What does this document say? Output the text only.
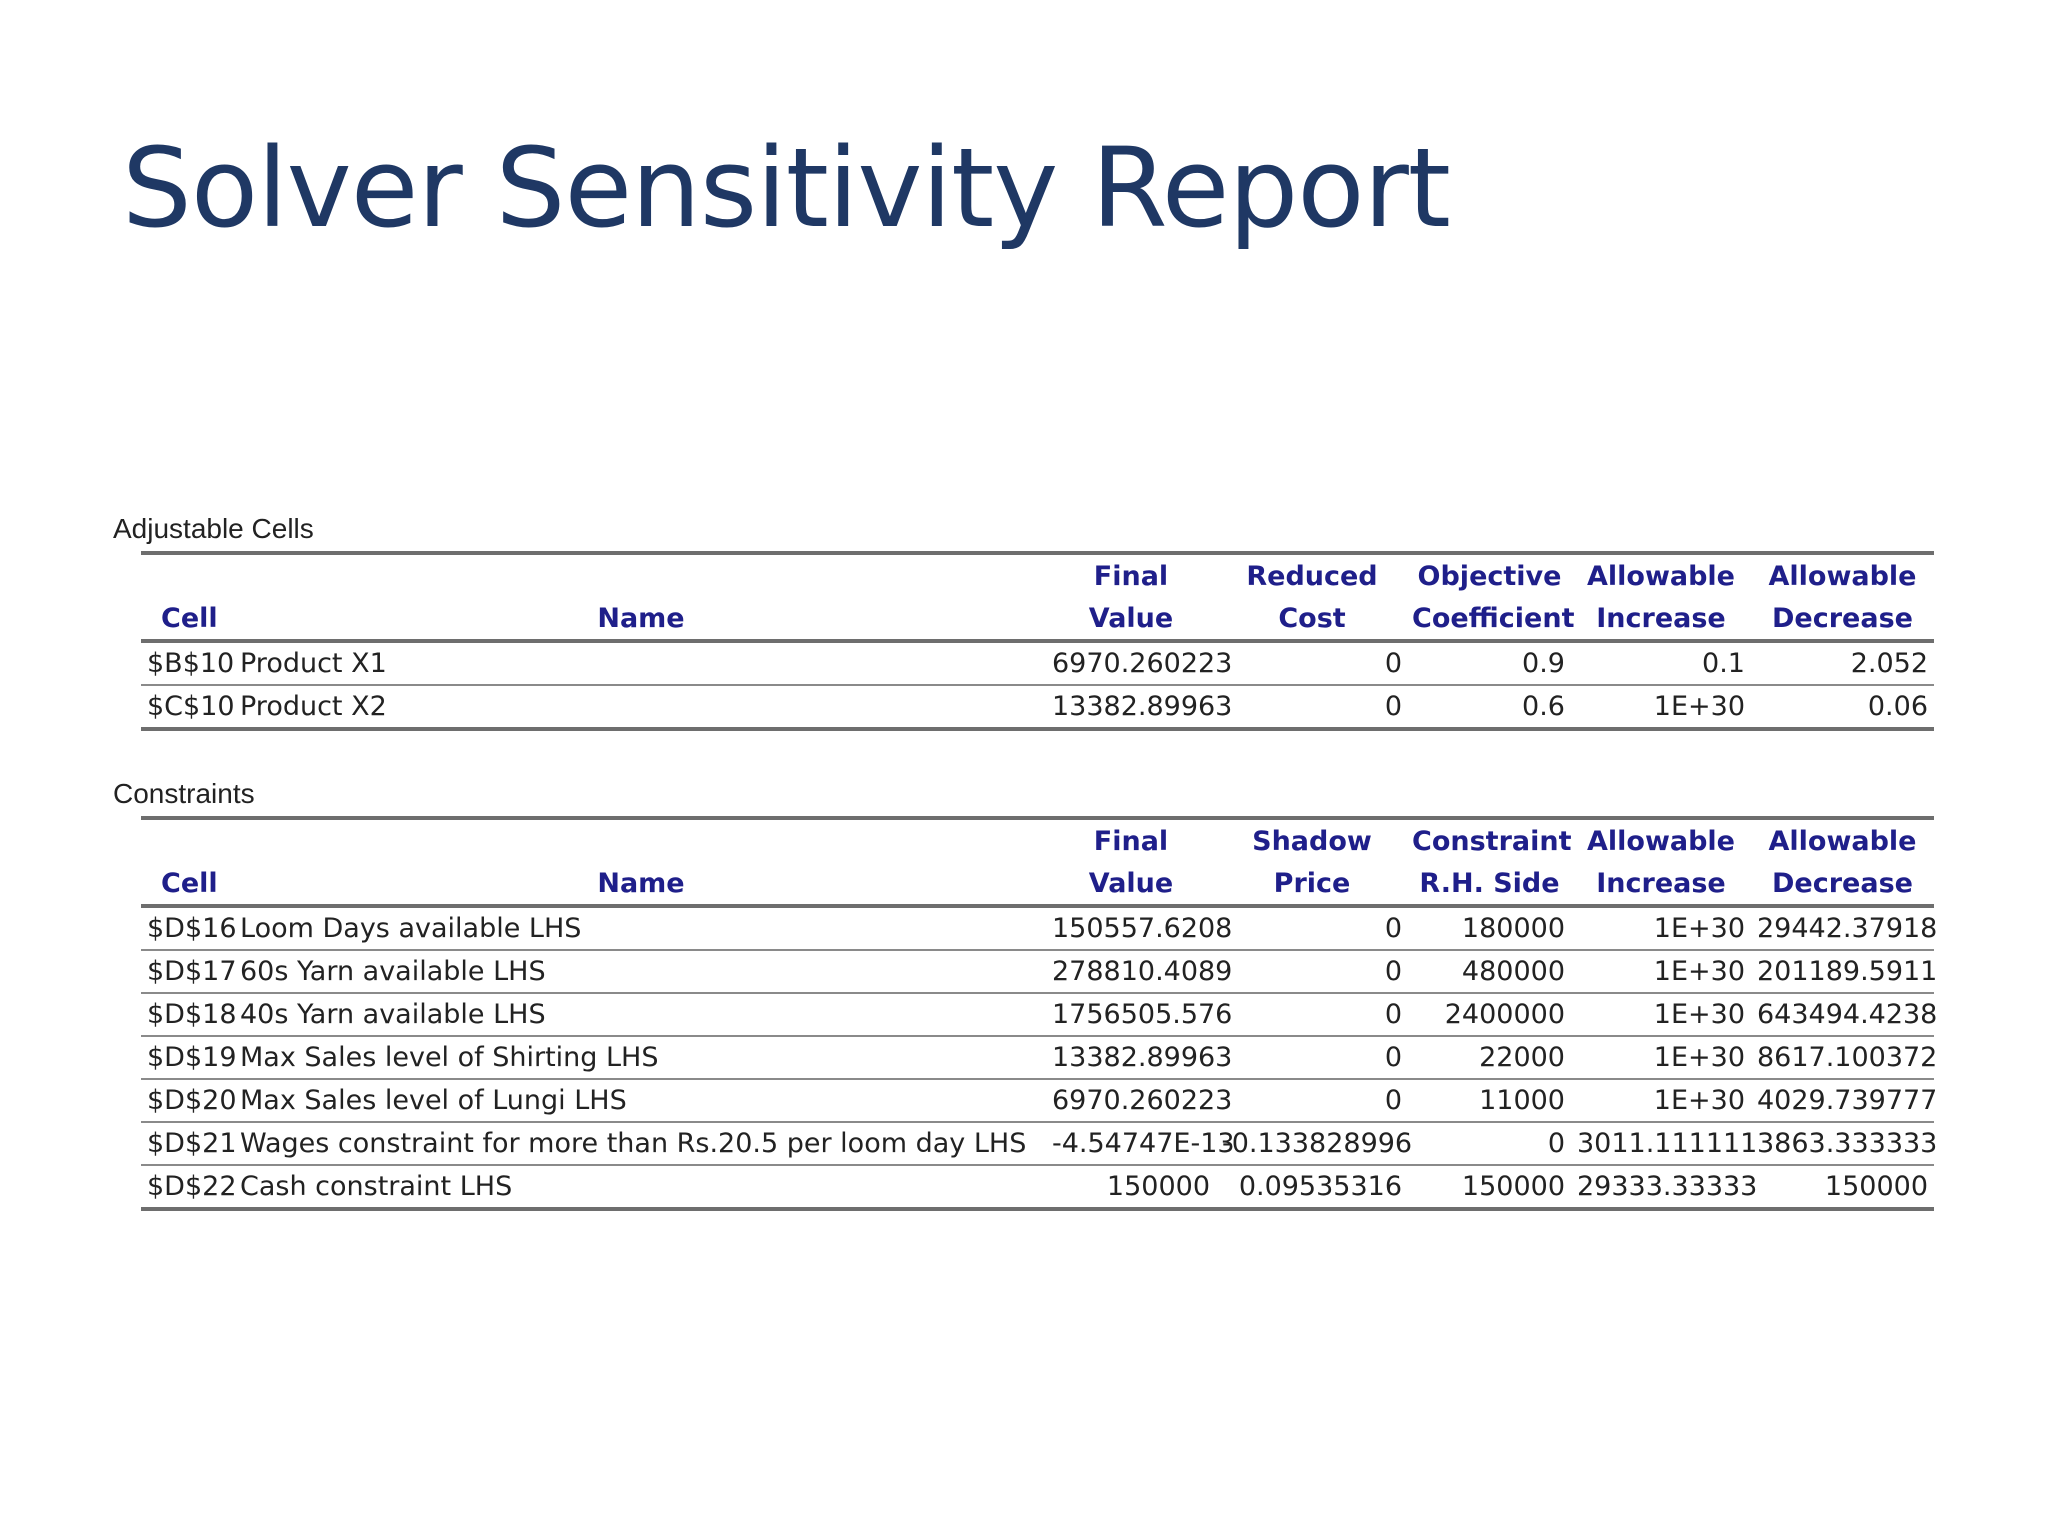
Solver Sensitivity Report
Adjustable Cells
		Final	Reduced	Objective	Allowable	Allowable
Cell	Name	Value	Cost	Coefficient	Increase	Decrease
$B$10	Product X1	6970.260223	0	0.9	0.1	2.052
$C$10	Product X2	13382.89963	0	0.6	1E+30	0.06
Constraints
		Final	Shadow	Constraint	Allowable	Allowable
Cell	Name	Value	Price	R.H. Side	Increase	Decrease
$D$16	Loom Days available LHS	150557.6208	0	180000	1E+30	29442.37918
$D$17	60s Yarn available LHS	278810.4089	0	480000	1E+30	201189.5911
$D$18	40s Yarn available LHS	1756505.576	0	2400000	1E+30	643494.4238
$D$19	Max Sales level of Shirting LHS	13382.89963	0	22000	1E+30	8617.100372
$D$20	Max Sales level of Lungi LHS	6970.260223	0	11000	1E+30	4029.739777
$D$21	Wages constraint for more than Rs.20.5 per loom day LHS	-4.54747E-13	-0.133828996	0	3011.111111	3863.333333
$D$22	Cash constraint LHS	150000	0.09535316	150000	29333.33333	150000
